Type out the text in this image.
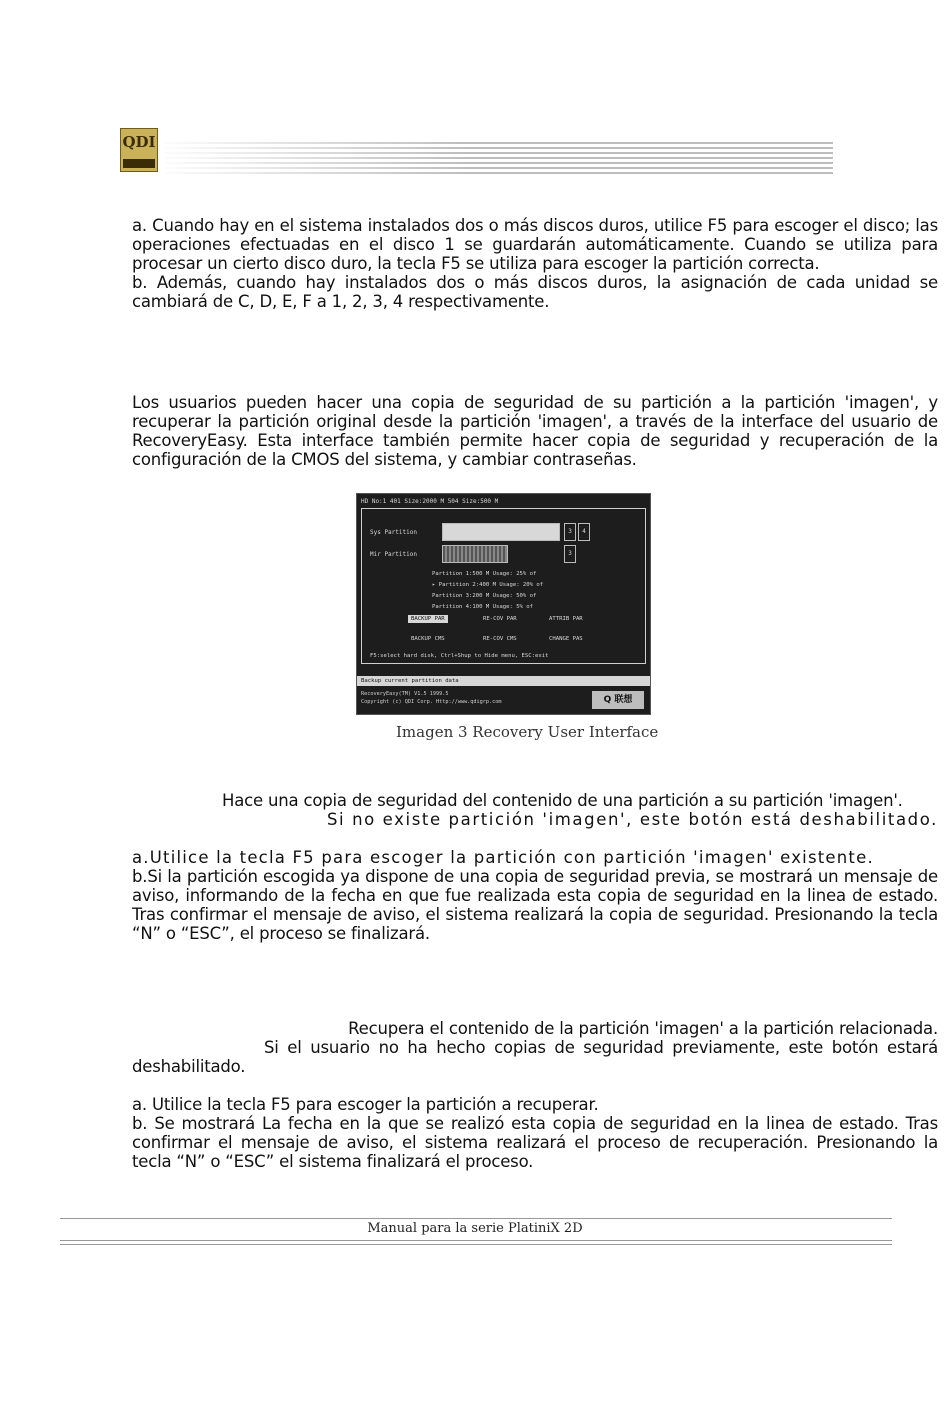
QDI

a. Cuando hay en el sistema instalados dos o más discos duros, utilice F5 para escoger el disco; las operaciones efectuadas en el disco 1 se guardarán automáticamente. Cuando se utiliza para procesar un cierto disco duro, la tecla F5 se utiliza para escoger la partición correcta.

b. Además, cuando hay instalados dos o más discos duros, la asignación de cada unidad se cambiará de C, D, E, F a 1, 2, 3, 4 respectivamente.

Los usuarios pueden hacer una copia de seguridad de su partición a la partición 'imagen', y recuperar la partición original desde la partición 'imagen', a través de la interface del usuario de RecoveryEasy. Esta interface también permite hacer copia de seguridad y recuperación de la configuración de la CMOS del sistema, y cambiar contraseñas.

HD No:1 401 Size:2000 M 504 Size:500 M
Sys Partition	3	4
Mir Partition	3
Partition 1:500 M Usage: 25% of
▸ Partition 2:400 M Usage: 20% of
Partition 3:200 M Usage: 50% of
Partition 4:100 M Usage: 5% of
BACKUP PAR	RE-COV PAR	ATTRIB PAR
BACKUP CMS	RE-COV CMS	CHANGE PAS
F5:select hard disk, Ctrl+Shup to Hide menu, ESC:exit
Backup current partition data
RecoveryEasy(TM) V1.5 1999.5
Copyright (c) QDI Corp. Http://www.qdigrp.com	Q 联想
Imagen 3 Recovery User Interface

Hace una copia de seguridad del contenido de una partición a su partición 'imagen'.

Si no existe partición 'imagen', este botón está deshabilitado.

a.Utilice la tecla F5 para escoger la partición con partición 'imagen' existente.

b.Si la partición escogida ya dispone de una copia de seguridad previa, se mostrará un mensaje de aviso, informando de la fecha en que fue realizada esta copia de seguridad en la linea de estado. Tras confirmar el mensaje de aviso, el sistema realizará la copia de seguridad. Presionando la tecla “N” o “ESC”, el proceso se finalizará.

Recupera el contenido de la partición 'imagen' a la partición relacionada.

Si el usuario no ha hecho copias de seguridad previamente, este botón estará deshabilitado.

a. Utilice la tecla F5 para escoger la partición a recuperar.

b. Se mostrará La fecha en la que se realizó esta copia de seguridad en la linea de estado. Tras confirmar el mensaje de aviso, el sistema realizará el proceso de recuperación. Presionando la tecla “N” o “ESC” el sistema finalizará el proceso.

Manual para la serie PlatiniX 2D
